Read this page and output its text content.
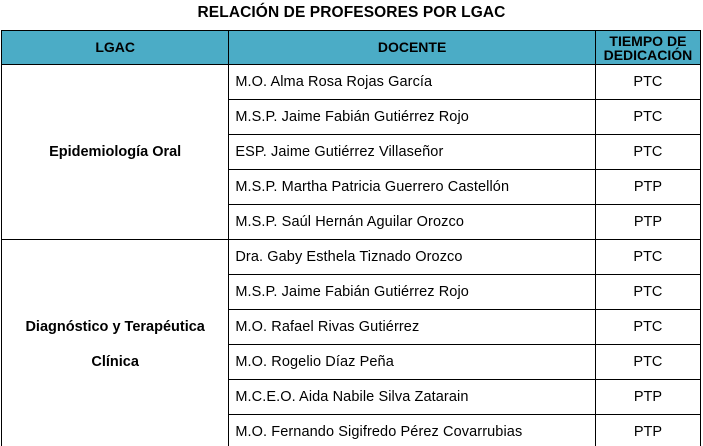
RELACIÓN DE PROFESORES POR LGAC
LGAC	DOCENTE	TIEMPO DE
DEDICACIÓN
Epidemiología Oral	M.O. Alma Rosa Rojas García	PTC
	M.S.P. Jaime Fabián Gutiérrez Rojo	PTC
	ESP. Jaime Gutiérrez Villaseñor	PTC
	M.S.P. Martha Patricia Guerrero Castellón	PTP
	M.S.P. Saúl Hernán Aguilar Orozco	PTP
Diagnóstico y Terapéutica
Clínica	Dra. Gaby Esthela Tiznado Orozco	PTC
	M.S.P. Jaime Fabián Gutiérrez Rojo	PTC
	M.O. Rafael Rivas Gutiérrez	PTC
	M.O. Rogelio Díaz Peña	PTC
	M.C.E.O. Aida Nabile Silva Zatarain	PTP
	M.O. Fernando Sigifredo Pérez Covarrubias	PTP
